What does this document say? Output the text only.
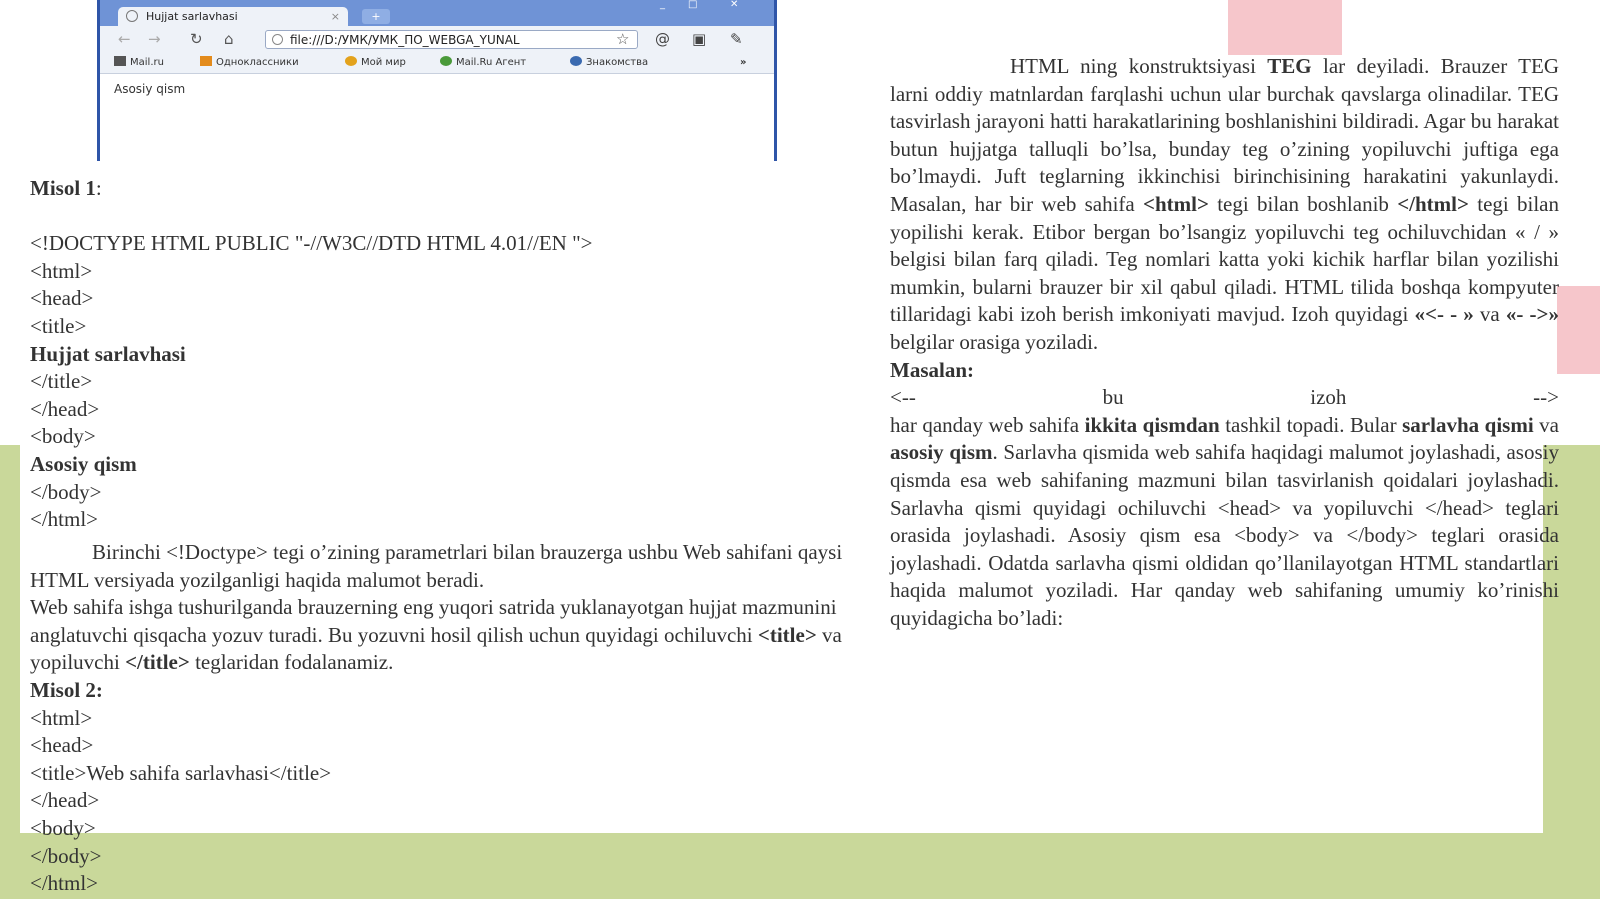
Hujjat sarlavhasi	×	+
_ □	✕
← → ↻ ⌂	file:///D:/УМК/УМК_ПО_WEBGA_YUNAL	☆ @ ▣ ✎
Mail.ru	Одноклассники	Мой мир	Mail.Ru Агент	Знакомства	»
Asosiy qism
Misol 1:
<!DOCTYPE HTML PUBLIC "-//W3C//DTD HTML 4.01//EN ">
<html>
<head>
<title>
Hujjat sarlavhasi
</title>
</head>
<body>
Asosiy qism
</body>
</html>
Birinchi <!Doctype> tegi o’zining parametrlari bilan brauzerga ushbu Web sahifani qaysi HTML versiyada yozilganligi haqida malumot beradi.
Web sahifa ishga tushurilganda brauzerning eng yuqori satrida yuklanayotgan hujjat mazmunini anglatuvchi qisqacha yozuv turadi. Bu yozuvni hosil qilish uchun quyidagi ochiluvchi <title> va yopiluvchi </title> teglaridan fodalanamiz.
Misol 2:
<html>
<head>
<title>Web sahifa sarlavhasi</title>
</head>
<body>
</body>
</html>

HTML ning konstruktsiyasi TEG lar deyiladi. Brauzer TEG larni oddiy matnlardan farqlashi uchun ular burchak qavslarga olinadilar. TEG tasvirlash jarayoni hatti harakatlarining boshlanishini bildiradi. Agar bu harakat butun hujjatga talluqli bo’lsa, bunday teg o’zining yopiluvchi juftiga ega bo’lmaydi. Juft teglarning ikkinchisi birinchisining harakatini yakunlaydi. Masalan, har bir web sahifa <html> tegi bilan boshlanib </html> tegi bilan yopilishi kerak. Etibor bergan bo’lsangiz yopiluvchi teg ochiluvchidan « / » belgisi bilan farq qiladi. Teg nomlari katta yoki kichik harflar bilan yozilishi mumkin, bularni brauzer bir xil qabul qiladi. HTML tilida boshqa kompyuter tillaridagi kabi izoh berish imkoniyati mavjud. Izoh quyidagi «<- - » va «- ->» belgilar orasiga yoziladi.

Masalan:

<--	bu	izoh	-->

har qanday web sahifa ikkita qismdan tashkil topadi. Bular sarlavha qismi va asosiy qism. Sarlavha qismida web sahifa haqidagi malumot joylashadi, asosiy qismda esa web sahifaning mazmuni bilan tasvirlanish qoidalari joylashadi. Sarlavha qismi quyidagi ochiluvchi <head> va yopiluvchi </head> teglari orasida joylashadi. Asosiy qism esa <body> va </body> teglari orasida joylashadi. Odatda sarlavha qismi oldidan qo’llanilayotgan HTML standartlari haqida malumot yoziladi. Har qanday web sahifaning umumiy ko’rinishi quyidagicha bo’ladi:
